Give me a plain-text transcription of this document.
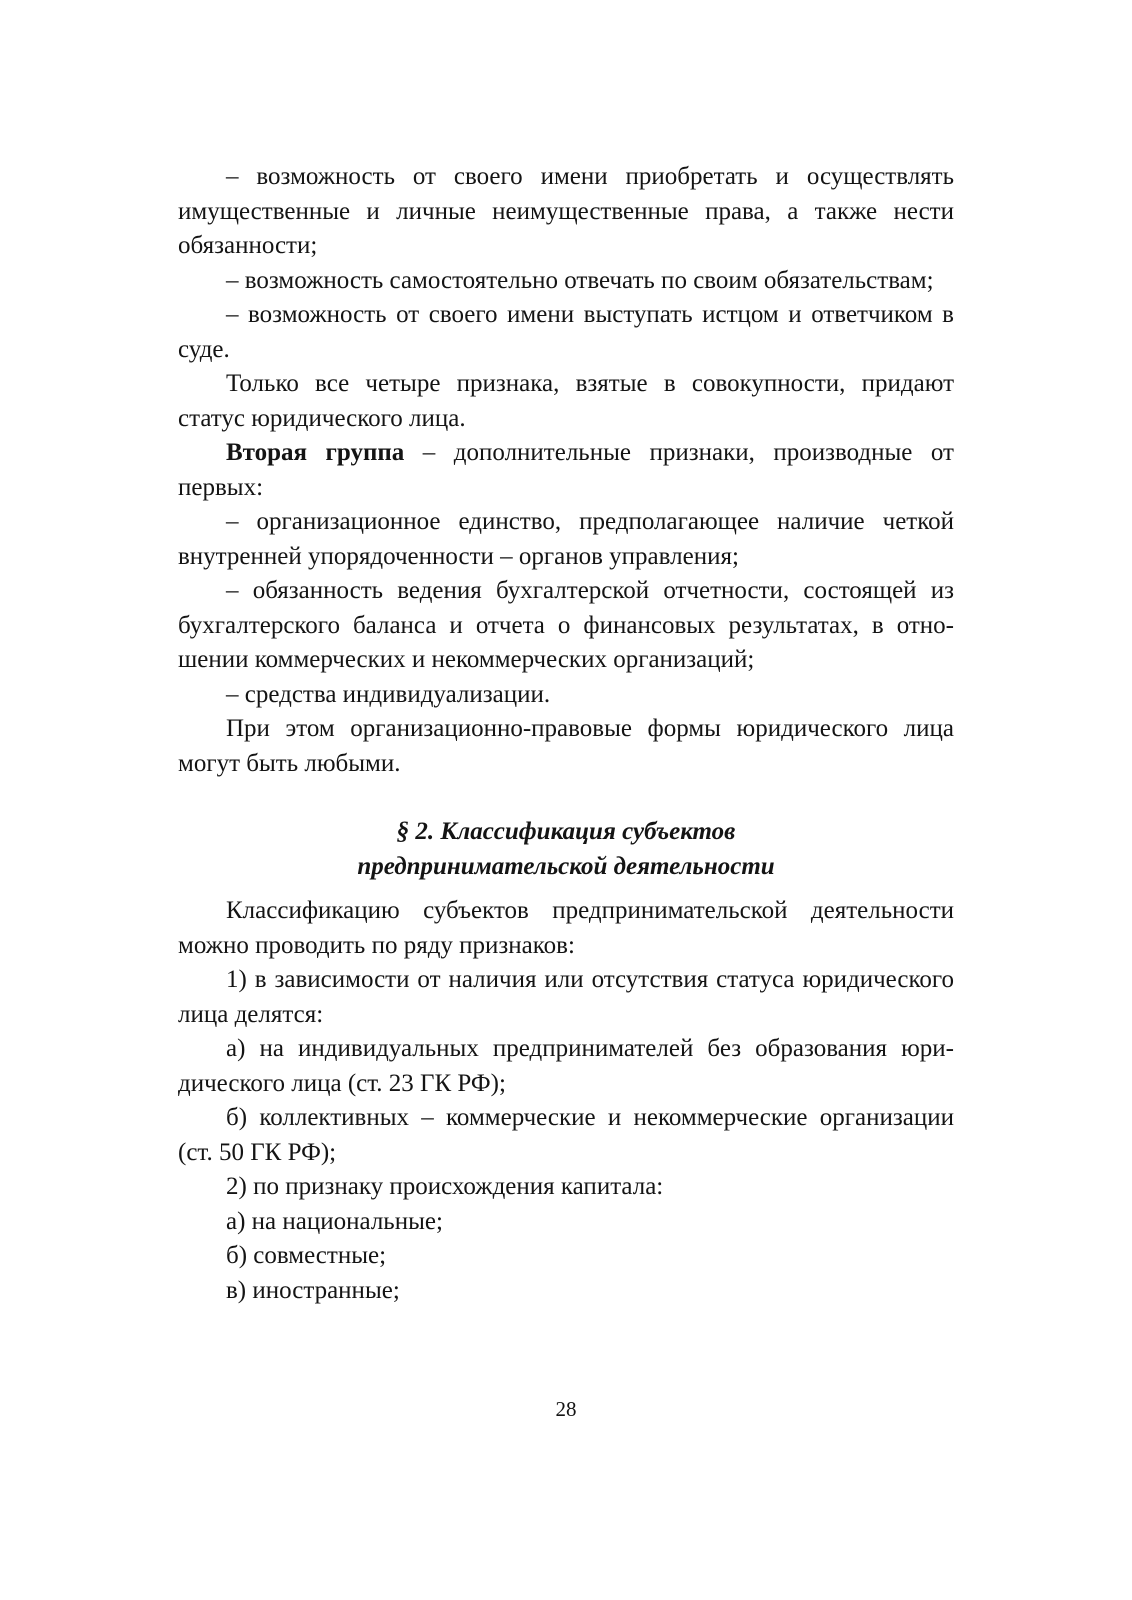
– возможность от своего имени приобретать и осуществлять имущественные и личные неимущественные права, а также нести обязанности;

– возможность самостоятельно отвечать по своим обязательствам;

– возможность от своего имени выступать истцом и ответчиком в суде.

Только все четыре признака, взятые в совокупности, придают статус юридического лица.

Вторая группа – дополнительные признаки, производные от первых:

– организационное единство, предполагающее наличие четкой внутренней упорядоченности – органов управления;

– обязанность ведения бухгалтерской отчетности, состоящей из бухгалтерского баланса и отчета о финансовых результатах, в отношении коммерческих и некоммерческих организаций;

– средства индивидуализации.

При этом организационно-правовые формы юридического лица могут быть любыми.

§ 2. Классификация субъектов
предпринимательской деятельности

Классификацию субъектов предпринимательской деятельности можно проводить по ряду признаков:

1) в зависимости от наличия или отсутствия статуса юридического лица делятся:

а) на индивидуальных предпринимателей без образования юридического лица (ст. 23 ГК РФ);

б) коллективных – коммерческие и некоммерческие организации (ст. 50 ГК РФ);

2) по признаку происхождения капитала:

а) на национальные;

б) совместные;

в) иностранные;

28
